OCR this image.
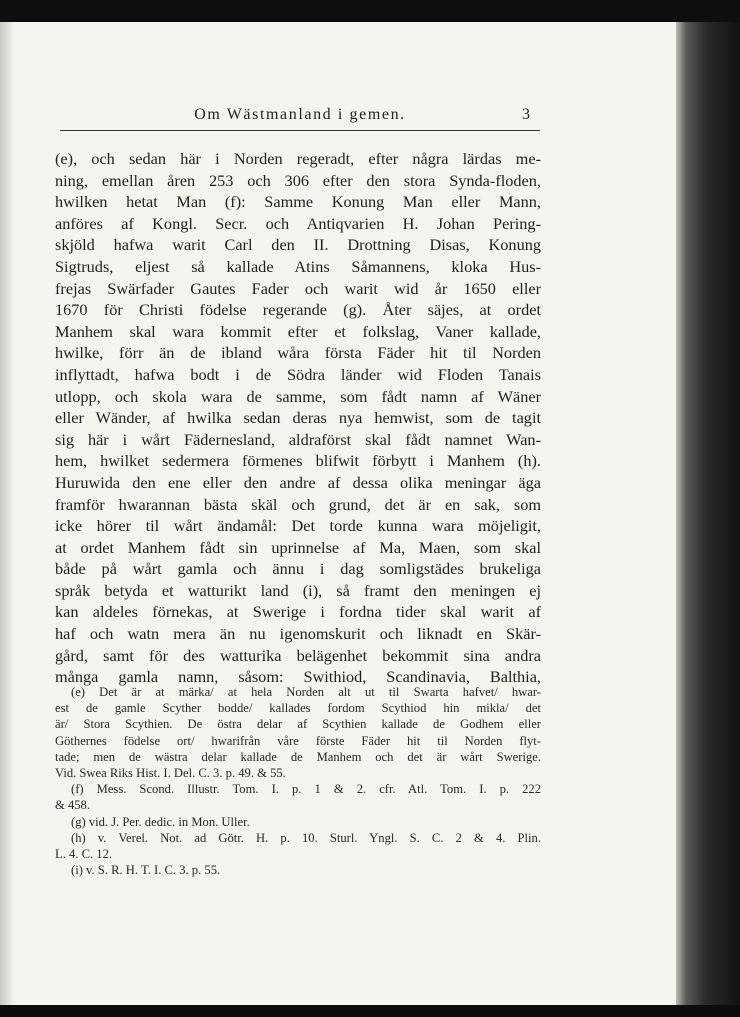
Om Wästmanland i gemen.	3
(e), och sedan här i Norden regeradt, efter några lärdas me-
ning, emellan åren 253 och 306 efter den stora Synda-floden,
hwilken hetat Man (f): Samme Konung Man eller Mann,
anföres af Kongl. Secr. och Antiqvarien H. Johan Pering-
skjöld hafwa warit Carl den II. Drottning Disas, Konung
Sigtruds, eljest så kallade Atins Såmannens, kloka Hus-
frejas Swärfader Gautes Fader och warit wid år 1650 eller
1670 för Christi födelse regerande (g). Åter säjes, at ordet
Manhem skal wara kommit efter et folkslag, Vaner kallade,
hwilke, förr än de ibland wåra första Fäder hit til Norden
inflyttadt, hafwa bodt i de Södra länder wid Floden Tanais
utlopp, och skola wara de samme, som fådt namn af Wäner
eller Wänder, af hwilka sedan deras nya hemwist, som de tagit
sig här i wårt Fädernesland, aldraförst skal fådt namnet Wan-
hem, hwilket sedermera förmenes blifwit förbytt i Manhem (h).
Huruwida den ene eller den andre af dessa olika meningar äga
framför hwarannan bästa skäl och grund, det är en sak, som
icke hörer til wårt ändamål: Det torde kunna wara möjeligit,
at ordet Manhem fådt sin uprinnelse af Ma, Maen, som skal
både på wårt gamla och ännu i dag somligstädes brukeliga
språk betyda et watturikt land (i), så framt den meningen ej
kan aldeles förnekas, at Swerige i fordna tider skal warit af
haf och watn mera än nu igenomskurit och liknadt en Skär-
gård, samt för des watturika belägenhet bekommit sina andra
många gamla namn, såsom: Swithiod, Scandinavia, Balthia,
(e) Det är at märka/ at hela Norden alt ut til Swarta hafvet/ hwar-
est de gamle Scyther bodde/ kallades fordom Scythiod hin mikla/ det
är/ Stora Scythien. De östra delar af Scythien kallade de Godhem eller
Göthernes födelse ort/ hwarifrån våre förste Fäder hit til Norden flyt-
tade; men de wästra delar kallade de Manhem och det är wårt Swerige.
Vid. Swea Riks Hist. I. Del. C. 3. p. 49. & 55.
(f) Mess. Scond. Illustr. Tom. I. p. 1 & 2. cfr. Atl. Tom. I. p. 222
& 458.
(g) vid. J. Per. dedic. in Mon. Uller.
(h) v. Verel. Not. ad Götr. H. p. 10. Sturl. Yngl. S. C. 2 & 4. Plin.
L. 4. C. 12.
(i) v. S. R. H. T. I. C. 3. p. 55.
